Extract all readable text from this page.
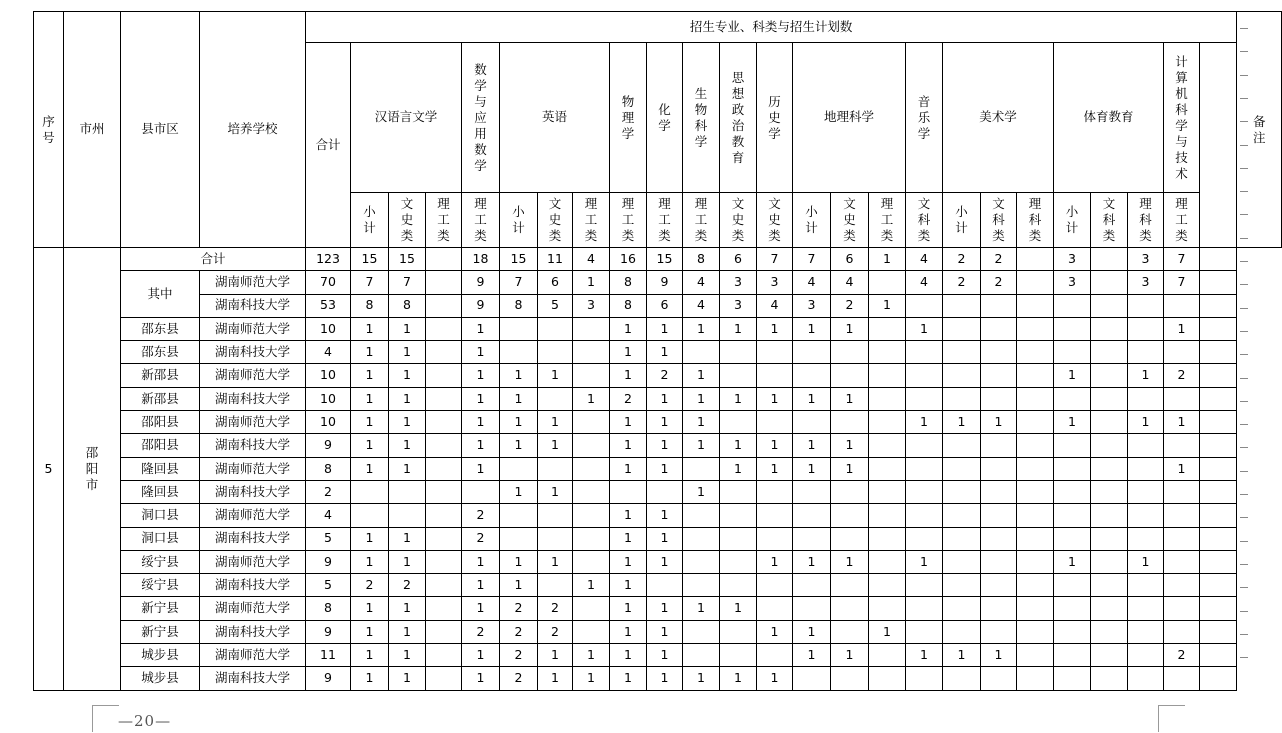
序号	市州	县市区	培养学校	招生专业、科类与招生计划数																									备注
				合计	汉语言文学			数学与应用数学	英语			物理学	化学	生物科学	思想政治教育	历史学	地理科学			音乐学	美术学			体育教育			计算机科学与技术		
					小计	文史类	理工类	理工类	小计	文史类	理工类	理工类	理工类	理工类	文史类	文史类	小计	文史类	理工类	文科类	小计	文科类	理科类	小计	文科类	理科类	理工类		
5	邵阳市	合计		123	15	15		18	15	11	4	16	15	8	6	7	7	6	1	4	2	2		3		3	7		
		其中	湖南师范大学	70	7	7		9	7	6	1	8	9	4	3	3	4	4		4	2	2		3		3	7		
			湖南科技大学	53	8	8		9	8	5	3	8	6	4	3	4	3	2	1										
		邵东县	湖南师范大学	10	1	1		1				1	1	1	1	1	1	1		1							1		
		邵东县	湖南科技大学	4	1	1		1				1	1																
		新邵县	湖南师范大学	10	1	1		1	1	1		1	2	1										1		1	2		
		新邵县	湖南科技大学	10	1	1		1	1		1	2	1	1	1	1	1	1											
		邵阳县	湖南师范大学	10	1	1		1	1	1		1	1	1						1	1	1		1		1	1		
		邵阳县	湖南科技大学	9	1	1		1	1	1		1	1	1	1	1	1	1											
		隆回县	湖南师范大学	8	1	1		1				1	1		1	1	1	1									1		
		隆回县	湖南科技大学	2					1	1				1															
		洞口县	湖南师范大学	4				2				1	1																
		洞口县	湖南科技大学	5	1	1		2				1	1																
		绥宁县	湖南师范大学	9	1	1		1	1	1		1	1			1	1	1		1				1		1			
		绥宁县	湖南科技大学	5	2	2		1	1		1	1																	
		新宁县	湖南师范大学	8	1	1		1	2	2		1	1	1	1														
		新宁县	湖南科技大学	9	1	1		2	2	2		1	1			1	1		1										
		城步县	湖南师范大学	11	1	1		1	2	1	1	1	1				1	1		1	1	1					2		
		城步县	湖南科技大学	9	1	1		1	2	1	1	1	1	1	1	1													
—20—
